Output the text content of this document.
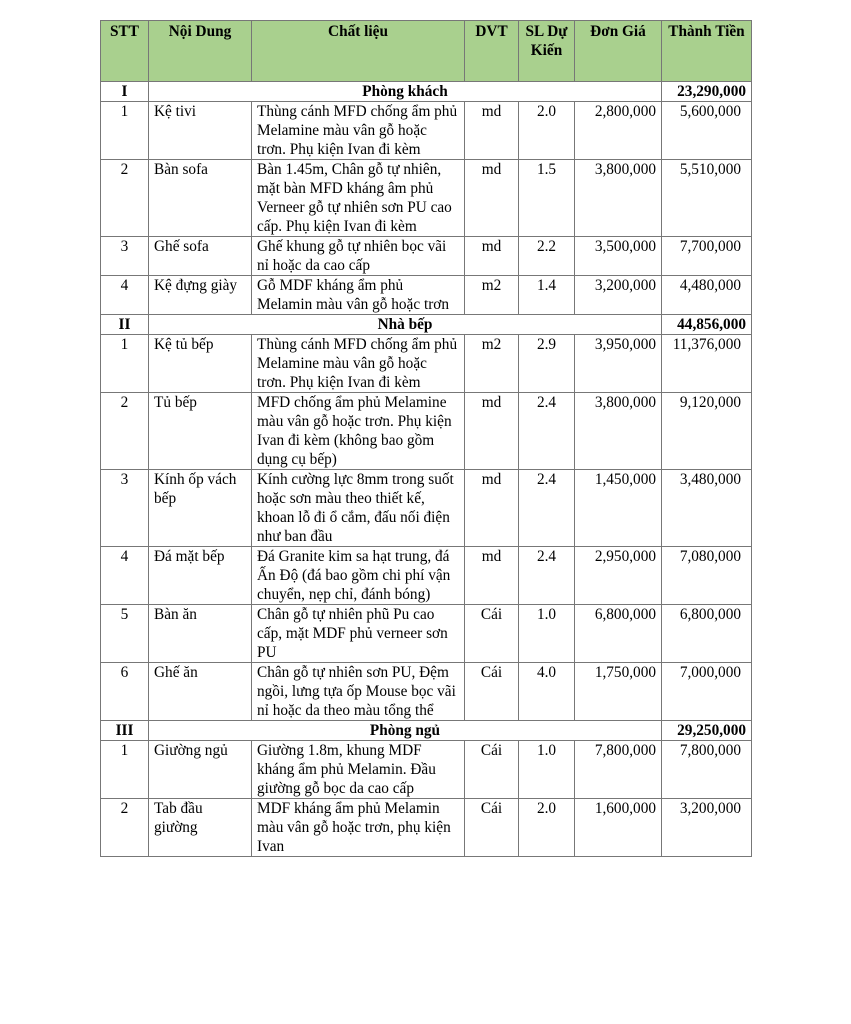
STT	Nội Dung	Chất liệu	DVT	SL Dự Kiến	Đơn Giá	Thành Tiền
I	Phòng khách					23,290,000
1	Kệ tivi	Thùng cánh MFD chống ẩm phủ Melamine màu vân gỗ hoặc trơn. Phụ kiện Ivan đi kèm	md	2.0	2,800,000	5,600,000
2	Bàn sofa	Bàn 1.45m, Chân gỗ tự nhiên, mặt bàn MFD kháng âm phủ Verneer gỗ tự nhiên sơn PU cao cấp. Phụ kiện Ivan đi kèm	md	1.5	3,800,000	5,510,000
3	Ghế sofa	Ghế khung gỗ tự nhiên bọc vãi nỉ hoặc da cao cấp	md	2.2	3,500,000	7,700,000
4	Kệ đựng giày	Gỗ MDF kháng ẩm phủ Melamin màu vân gỗ hoặc trơn	m2	1.4	3,200,000	4,480,000
II	Nhà bếp					44,856,000
1	Kệ tủ bếp	Thùng cánh MFD chống ẩm phủ Melamine màu vân gỗ hoặc trơn. Phụ kiện Ivan đi kèm	m2	2.9	3,950,000	11,376,000
2	Tủ bếp	MFD chống ẩm phủ Melamine màu vân gỗ hoặc trơn. Phụ kiện Ivan đi kèm (không bao gồm dụng cụ bếp)	md	2.4	3,800,000	9,120,000
3	Kính ốp vách bếp	Kính cường lực 8mm trong suốt hoặc sơn màu theo thiết kế, khoan lỗ đi ổ cắm, đấu nối điện như ban đầu	md	2.4	1,450,000	3,480,000
4	Đá mặt bếp	Đá Granite kim sa hạt trung, đá Ấn Độ (đá bao gồm chi phí vận chuyển, nẹp chỉ, đánh bóng)	md	2.4	2,950,000	7,080,000
5	Bàn ăn	Chân gỗ tự nhiên phũ Pu cao cấp, mặt MDF phủ verneer sơn PU	Cái	1.0	6,800,000	6,800,000
6	Ghế ăn	Chân gỗ tự nhiên sơn PU, Đệm ngồi, lưng tựa ốp Mouse bọc vãi nỉ hoặc da theo màu tổng thể	Cái	4.0	1,750,000	7,000,000
III	Phòng ngủ					29,250,000
1	Giường ngủ	Giường 1.8m, khung MDF kháng ẩm phủ Melamin. Đầu giường gỗ bọc da cao cấp	Cái	1.0	7,800,000	7,800,000
2	Tab đầu giường	MDF kháng ẩm phủ Melamin màu vân gỗ hoặc trơn, phụ kiện Ivan	Cái	2.0	1,600,000	3,200,000
